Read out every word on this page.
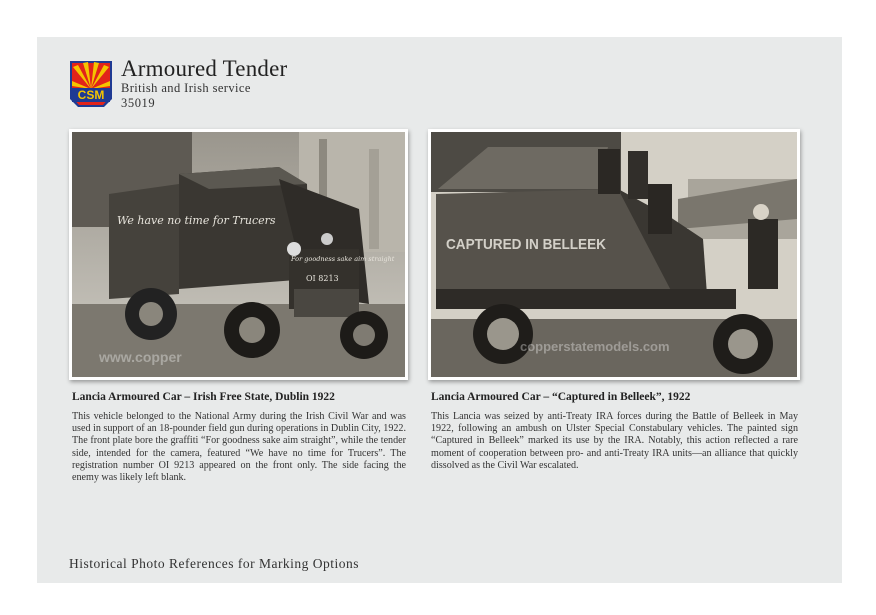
CSM
Armoured Tender
British and Irish service
35019
We have no time for Trucers
For goodness sake aim straight
OI 8213
www.copper
CAPTURED IN BELLEEK
copperstatemodels.com
Lancia Armoured Car – Irish Free State, Dublin 1922

This vehicle belonged to the National Army during the Irish Civil War and was used in support of an 18-pounder field gun during operations in Dublin City, 1922. The front plate bore the graffiti “For goodness sake aim straight”, while the tender side, intended for the camera, featured “We have no time for Trucers”. The registration number OI 9213 appeared on the front only. The side facing the enemy was likely left blank.

Lancia Armoured Car – “Captured in Belleek”, 1922

This Lancia was seized by anti-Treaty IRA forces during the Battle of Belleek in May 1922, following an ambush on Ulster Special Constabulary vehicles. The painted sign “Captured in Belleek” marked its use by the IRA. Notably, this action reflected a rare moment of cooperation between pro- and anti-Treaty IRA units—an alliance that quickly dissolved as the Civil War escalated.

Historical Photo References for Marking Options
